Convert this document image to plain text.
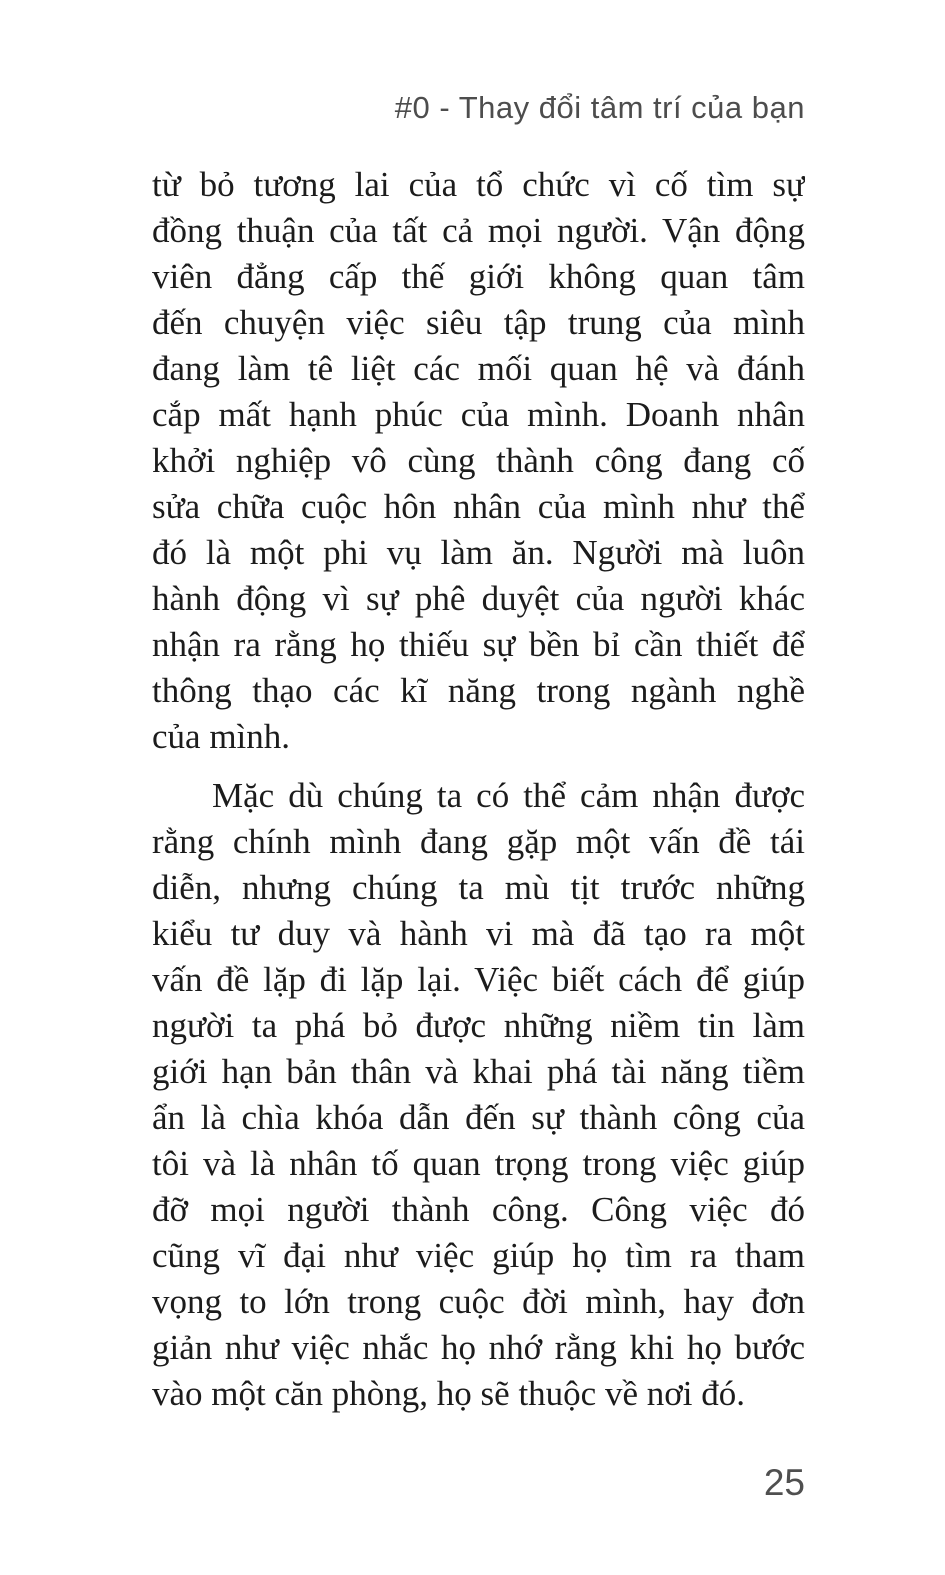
#0 - Thay đổi tâm trí của bạn
từ bỏ tương lai của tổ chức vì cố tìm sự
đồng thuận của tất cả mọi người. Vận động
viên đẳng cấp thế giới không quan tâm
đến chuyện việc siêu tập trung của mình
đang làm tê liệt các mối quan hệ và đánh
cắp mất hạnh phúc của mình. Doanh nhân
khởi nghiệp vô cùng thành công đang cố
sửa chữa cuộc hôn nhân của mình như thể
đó là một phi vụ làm ăn. Người mà luôn
hành động vì sự phê duyệt của người khác
nhận ra rằng họ thiếu sự bền bỉ cần thiết để
thông thạo các kĩ năng trong ngành nghề
của mình.
Mặc dù chúng ta có thể cảm nhận được
rằng chính mình đang gặp một vấn đề tái
diễn, nhưng chúng ta mù tịt trước những
kiểu tư duy và hành vi mà đã tạo ra một
vấn đề lặp đi lặp lại. Việc biết cách để giúp
người ta phá bỏ được những niềm tin làm
giới hạn bản thân và khai phá tài năng tiềm
ẩn là chìa khóa dẫn đến sự thành công của
tôi và là nhân tố quan trọng trong việc giúp
đỡ mọi người thành công. Công việc đó
cũng vĩ đại như việc giúp họ tìm ra tham
vọng to lớn trong cuộc đời mình, hay đơn
giản như việc nhắc họ nhớ rằng khi họ bước
vào một căn phòng, họ sẽ thuộc về nơi đó.
25
